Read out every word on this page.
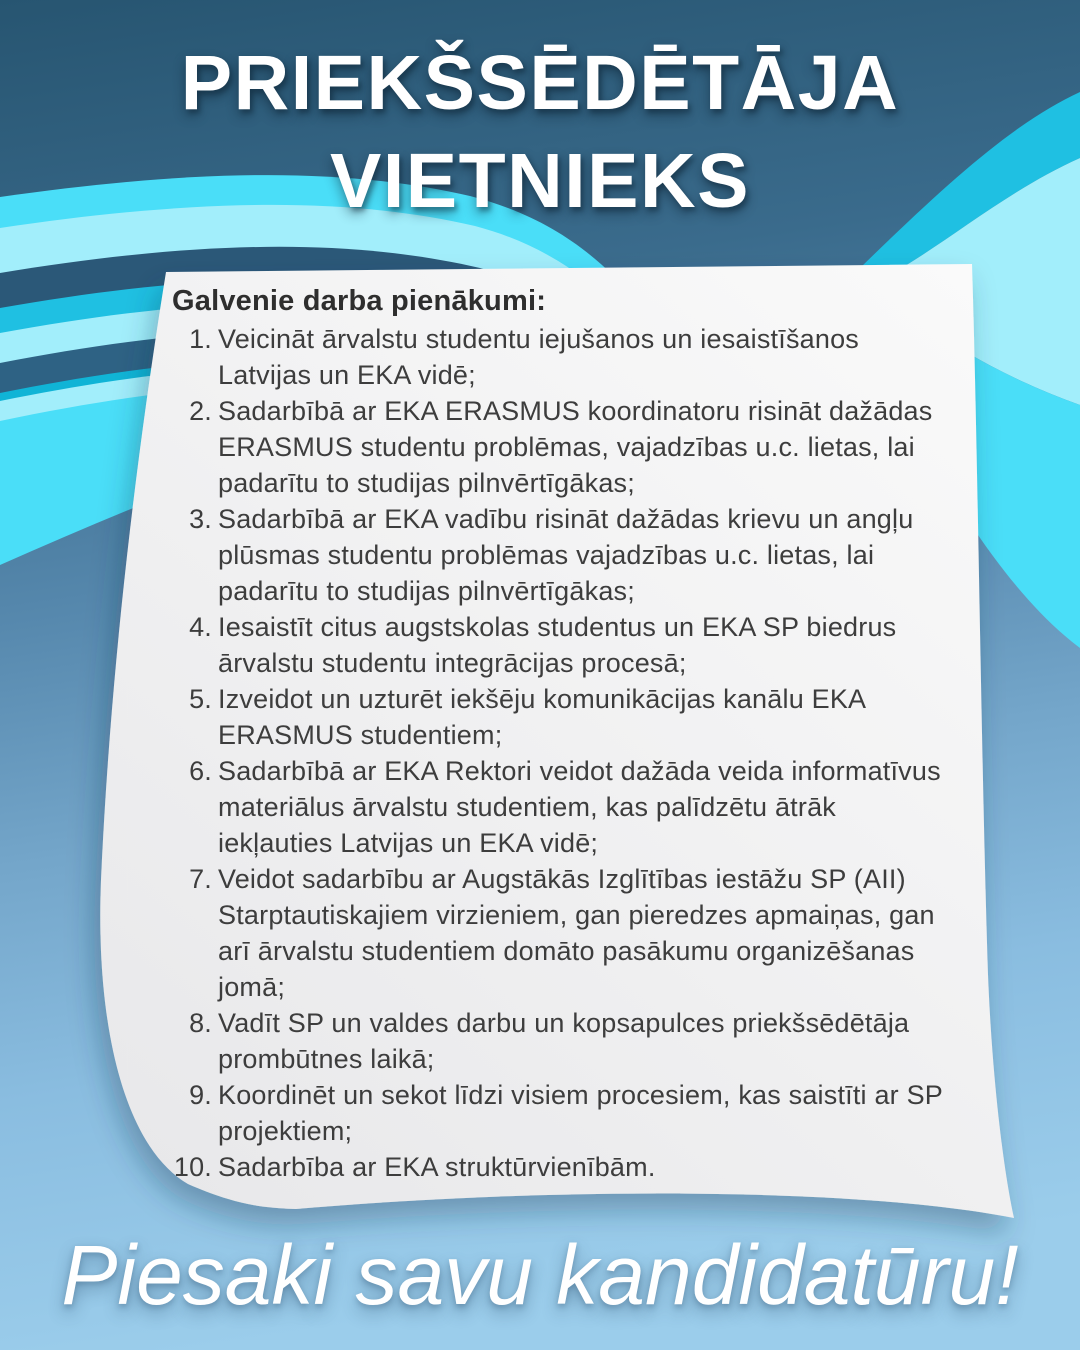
PRIEKŠSĒDĒTĀJA
VIETNIEKS

Galvenie darba pienākumi:

1. Veicināt ārvalstu studentu iejušanos un iesaistīšanos Latvijas un EKA vidē;
2. Sadarbībā ar EKA ERASMUS koordinatoru risināt dažādas ERASMUS studentu problēmas, vajadzības u.c. lietas, lai padarītu to studijas pilnvērtīgākas;
3. Sadarbībā ar EKA vadību risināt dažādas krievu un angļu plūsmas studentu problēmas vajadzības u.c. lietas, lai padarītu to studijas pilnvērtīgākas;
4. Iesaistīt citus augstskolas studentus un EKA SP biedrus ārvalstu studentu integrācijas procesā;
5. Izveidot un uzturēt iekšēju komunikācijas kanālu EKA ERASMUS studentiem;
6. Sadarbībā ar EKA Rektori veidot dažāda veida informatīvus materiālus ārvalstu studentiem, kas palīdzētu ātrāk iekļauties Latvijas un EKA vidē;
7. Veidot sadarbību ar Augstākās Izglītības iestāžu SP (AII) Starptautiskajiem virzieniem, gan pieredzes apmaiņas, gan arī ārvalstu studentiem domāto pasākumu organizēšanas jomā;
8. Vadīt SP un valdes darbu un kopsapulces priekšsēdētāja prombūtnes laikā;
9. Koordinēt un sekot līdzi visiem procesiem, kas saistīti ar SP projektiem;
10. Sadarbība ar EKA struktūrvienībām.
Piesaki savu kandidatūru!
